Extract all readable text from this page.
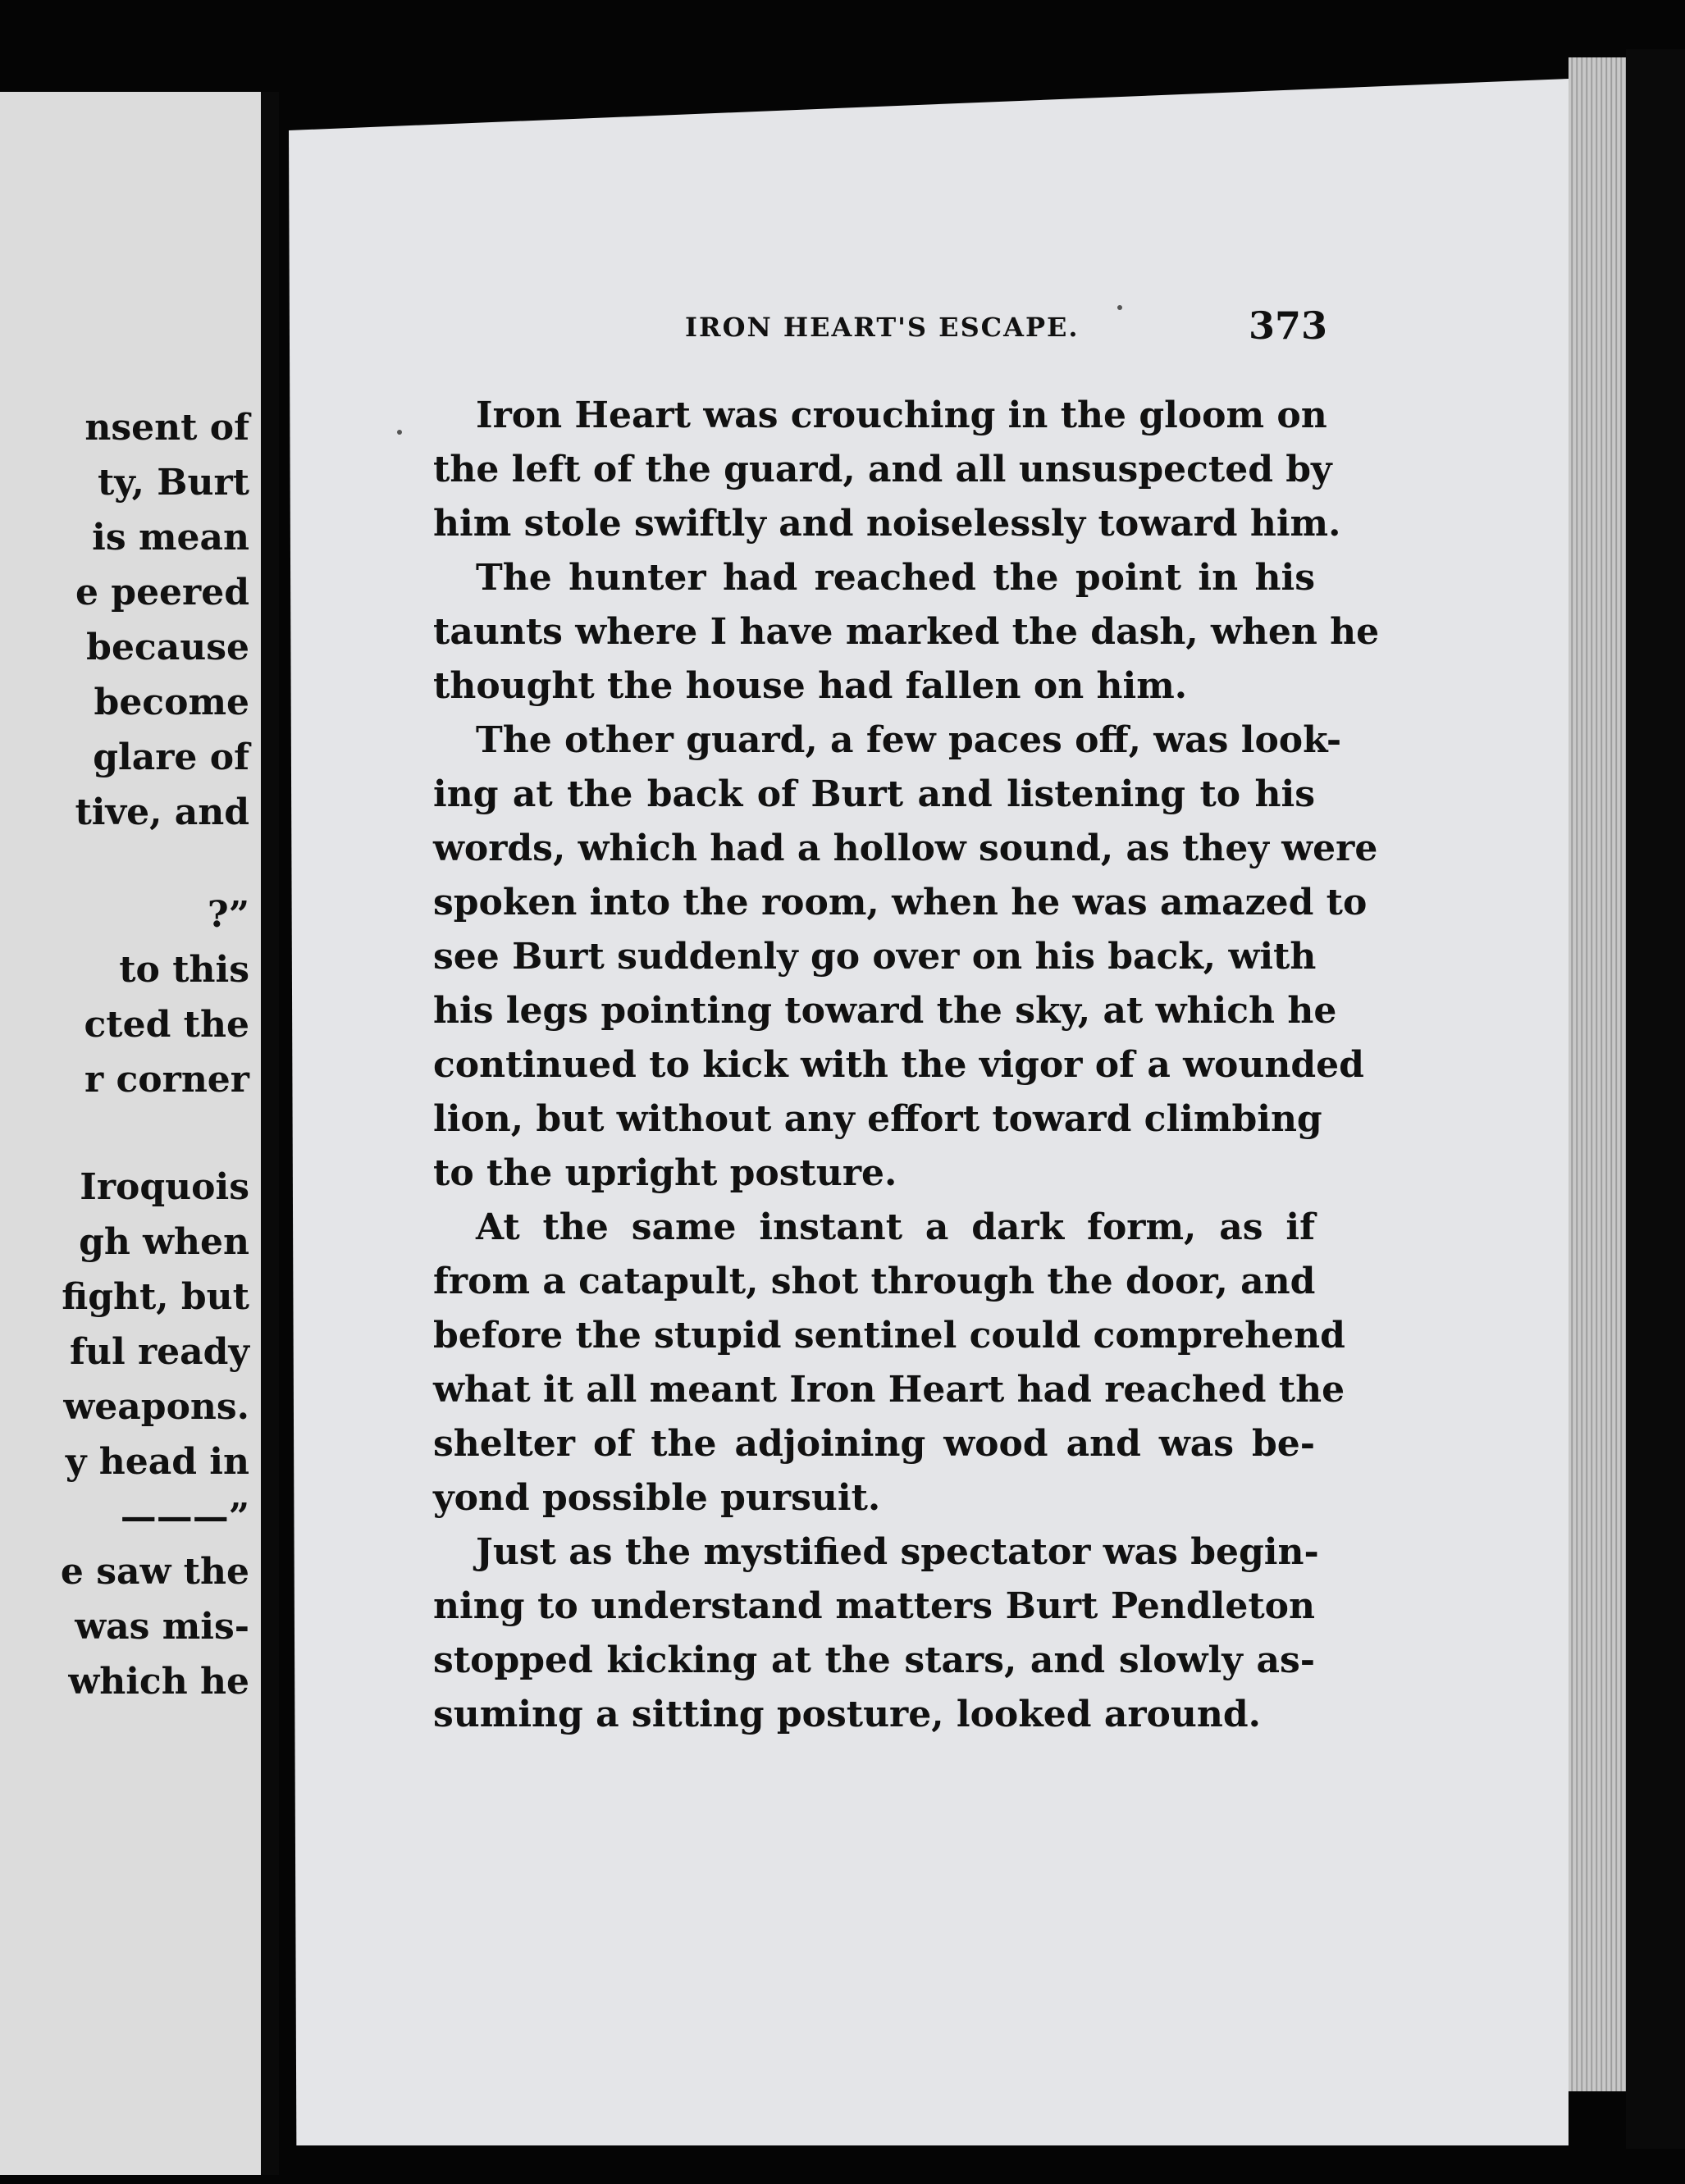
nsent of
ty, Burt
is mean
e peered
because
become
glare of
tive, and
?”
to this
cted the
r corner
Iroquois
gh when
fight, but
ful ready
weapons.
y head in
———”
e saw the
was mis-
which he
IRON HEART'S ESCAPE.	373
Iron Heart was crouching in the gloom on
the left of the guard, and all unsuspected by
him stole swiftly and noiselessly toward him.
The hunter had reached the point in his
taunts where I have marked the dash, when he
thought the house had fallen on him.
The other guard, a few paces off, was look-
ing at the back of Burt and listening to his
words, which had a hollow sound, as they were
spoken into the room, when he was amazed to
see Burt suddenly go over on his back, with
his legs pointing toward the sky, at which he
continued to kick with the vigor of a wounded
lion, but without any effort toward climbing
to the upright posture.
At the same instant a dark form, as if
from a catapult, shot through the door, and
before the stupid sentinel could comprehend
what it all meant Iron Heart had reached the
shelter of the adjoining wood and was be-
yond possible pursuit.
Just as the mystified spectator was begin-
ning to understand matters Burt Pendleton
stopped kicking at the stars, and slowly as-
suming a sitting posture, looked around.
